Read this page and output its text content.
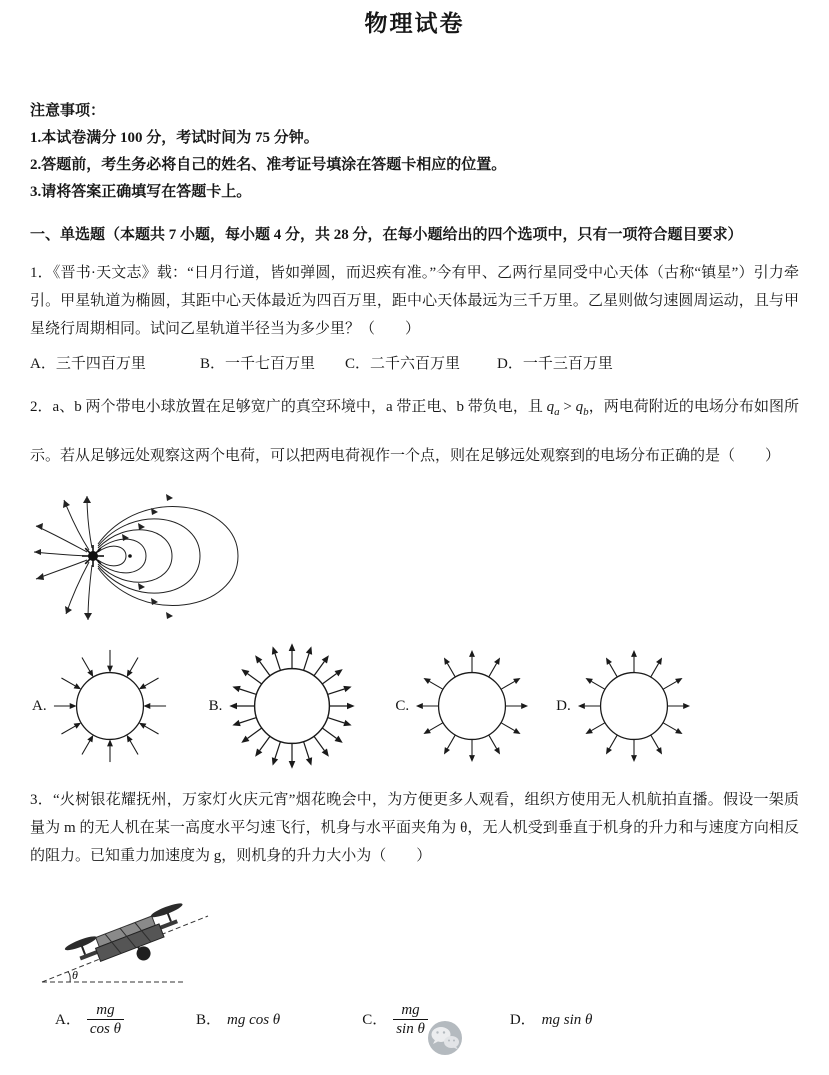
物理试卷

注意事项：

1.本试卷满分 100 分，考试时间为 75 分钟。

2.答题前，考生务必将自己的姓名、准考证号填涂在答题卡相应的位置。

3.请将答案正确填写在答题卡上。

一、单选题（本题共 7 小题，每小题 4 分，共 28 分，在每小题给出的四个选项中，只有一项符合题目要求）

1．《晋书·天文志》载：“日月行道，皆如弹圆，而迟疾有准。”今有甲、乙两行星同受中心天体（古称“镇星”）引力牵引。甲星轨道为椭圆，其距中心天体最近为四百万里，距中心天体最远为三千万里。乙星则做匀速圆周运动，且与甲星绕行周期相同。试问乙星轨道半径当为多少里？（　　）

A．三千四百万里	B．一千七百万里	C．二千六百万里	D．一千三百万里

2．a、b 两个带电小球放置在足够宽广的真空环境中，a 带正电、b 带负电，且 $q_a > q_b$，两电荷附近的电场分布如图所示。若从足够远处观察这两个电荷，可以把两电荷视作一个点，则在足够远处观察到的电场分布正确的是（　　）

A.	B.	C.	D.

3．“火树银花耀抚州，万家灯火庆元宵”烟花晚会中，为方便更多人观看，组织方使用无人机航拍直播。假设一架质量为 m 的无人机在某一高度水平匀速飞行，机身与水平面夹角为 θ，无人机受到垂直于机身的升力和与速度方向相反的阻力。已知重力加速度为 g，则机身的升力大小为（　　）

θ
A． $\frac{mg}{\text{cos θ}}$	B． mg cos θ	C． $\frac{mg}{\text{sin θ}}$	D． mg sin θ
